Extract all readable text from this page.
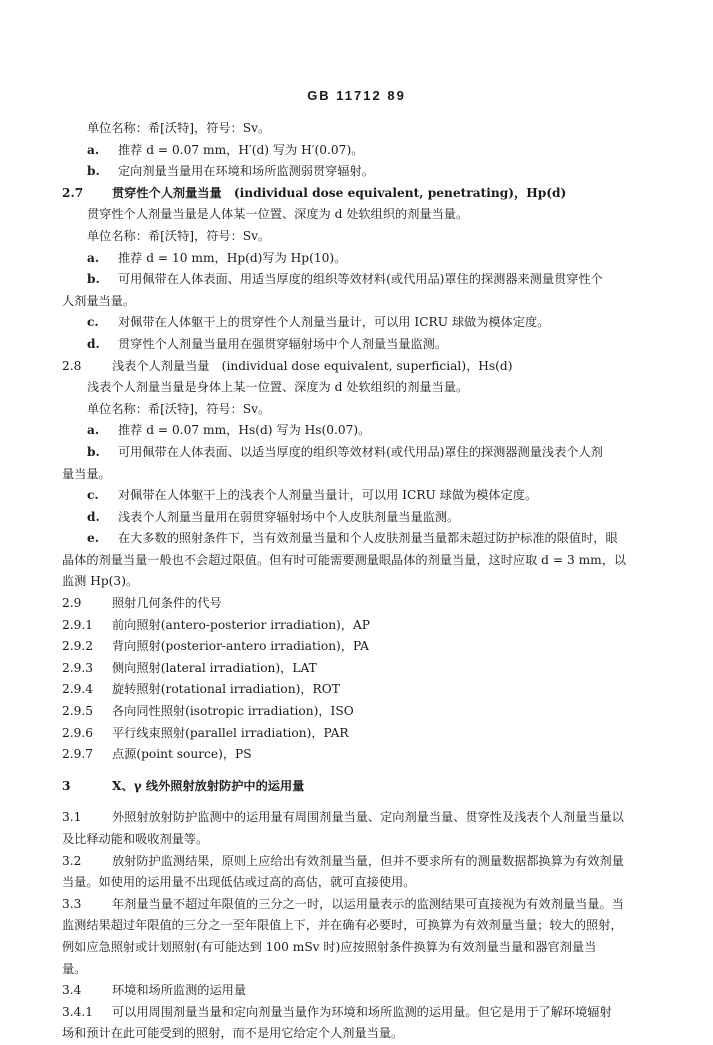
GB 11712 89
单位名称：希[沃特]，符号：Sv。
a. 推荐 d = 0.07 mm，H′(d) 写为 H′(0.07)。
b. 定向剂量当量用在环境和场所监测弱贯穿辐射。
2.7 贯穿性个人剂量当量　(individual dose equivalent, penetrating)，Hp(d)
贯穿性个人剂量当量是人体某一位置、深度为 d 处软组织的剂量当量。
单位名称：希[沃特]，符号：Sv。
a. 推荐 d = 10 mm，Hp(d)写为 Hp(10)。
b. 可用佩带在人体表面、用适当厚度的组织等效材料(或代用品)罩住的探测器来测量贯穿性个
人剂量当量。
c. 对佩带在人体躯干上的贯穿性个人剂量当量计，可以用 ICRU 球做为模体定度。
d. 贯穿性个人剂量当量用在强贯穿辐射场中个人剂量当量监测。
2.8	浅表个人剂量当量　(individual dose equivalent, superficial)，Hs(d)
浅表个人剂量当量是身体上某一位置、深度为 d 处软组织的剂量当量。
单位名称：希[沃特]，符号：Sv。
a. 推荐 d = 0.07 mm，Hs(d) 写为 Hs(0.07)。
b. 可用佩带在人体表面、以适当厚度的组织等效材料(或代用品)罩住的探测器测量浅表个人剂
量当量。
c. 对佩带在人体躯干上的浅表个人剂量当量计，可以用 ICRU 球做为模体定度。
d. 浅表个人剂量当量用在弱贯穿辐射场中个人皮肤剂量当量监测。
e. 在大多数的照射条件下，当有效剂量当量和个人皮肤剂量当量都未超过防护标准的限值时，眼
晶体的剂量当量一般也不会超过限值。但有时可能需要测量眼晶体的剂量当量，这时应取 d = 3 mm，以
监测 Hp(3)。
2.9	照射几何条件的代号
2.9.1 前向照射(antero-posterior irradiation)，AP
2.9.2 背向照射(posterior-antero irradiation)，PA
2.9.3 侧向照射(lateral irradiation)，LAT
2.9.4 旋转照射(rotational irradiation)，ROT
2.9.5 各向同性照射(isotropic irradiation)，ISO
2.9.6 平行线束照射(parallel irradiation)，PAR
2.9.7 点源(point source)，PS
3	X、γ 线外照射放射防护中的运用量
3.1	外照射放射防护监测中的运用量有周围剂量当量、定向剂量当量、贯穿性及浅表个人剂量当量以
及比释动能和吸收剂量等。
3.2	放射防护监测结果，原则上应给出有效剂量当量，但并不要求所有的测量数据都换算为有效剂量
当量。如使用的运用量不出现低估或过高的高估，就可直接使用。
3.3	年剂量当量不超过年限值的三分之一时，以运用量表示的监测结果可直接视为有效剂量当量。当
监测结果超过年限值的三分之一至年限值上下，并在确有必要时，可换算为有效剂量当量；较大的照射，
例如应急照射或计划照射(有可能达到 100 mSv 时)应按照射条件换算为有效剂量当量和器官剂量当
量。
3.4	环境和场所监测的运用量
3.4.1 可以用周围剂量当量和定向剂量当量作为环境和场所监测的运用量。但它是用于了解环境辐射
场和预计在此可能受到的照射，而不是用它给定个人剂量当量。
